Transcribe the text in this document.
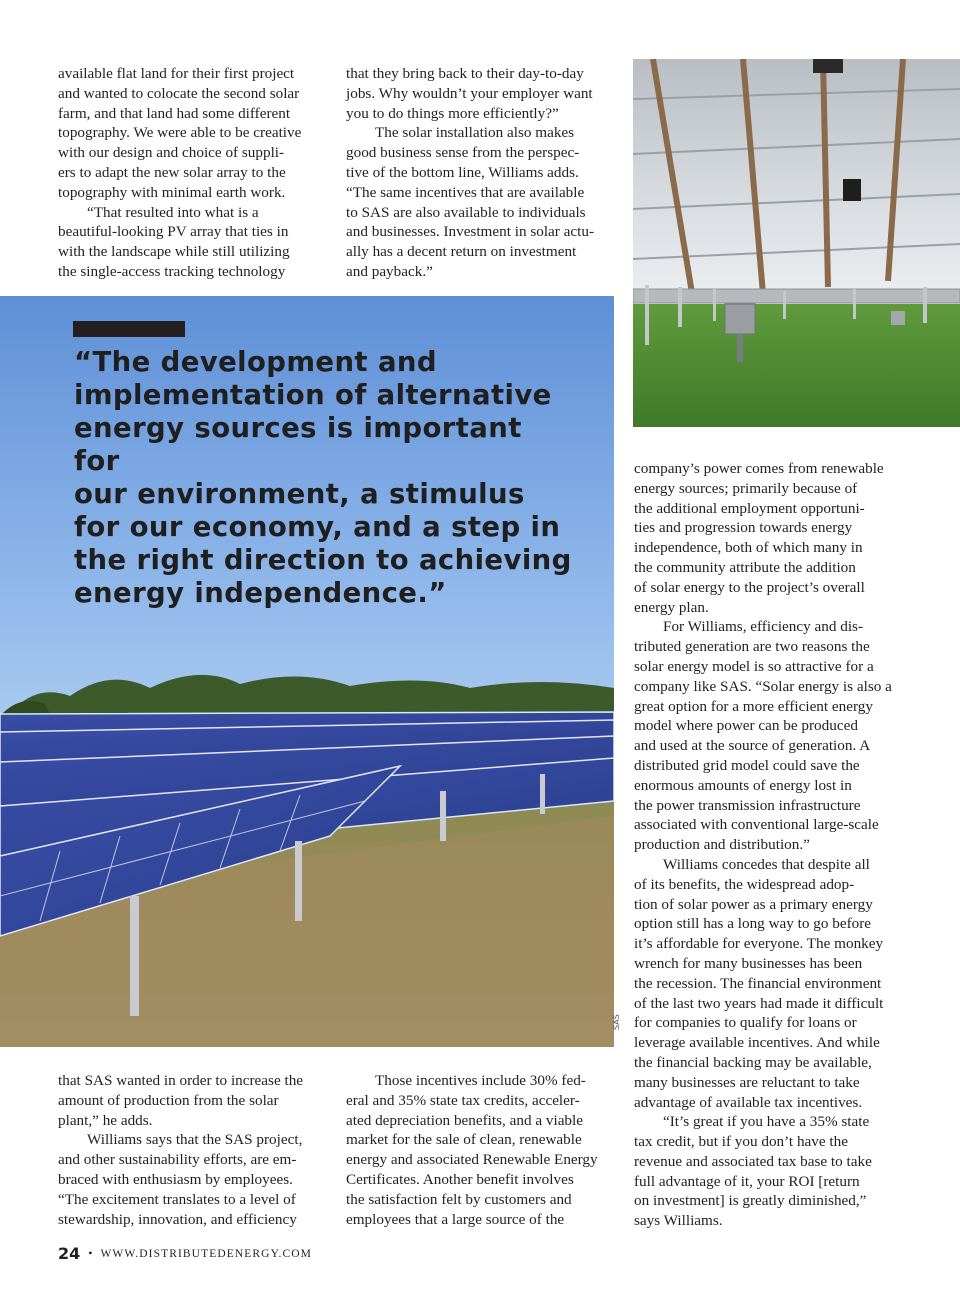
available flat land for their first project
and wanted to colocate the second solar
farm, and that land had some different
topography. We were able to be creative
with our design and choice of suppli-
ers to adapt the new solar array to the
topography with minimal earth work.

“That resulted into what is a
beautiful-looking PV array that ties in
with the landscape while still utilizing
the single-access tracking technology

that they bring back to their day-to-day
jobs. Why wouldn’t your employer want
you to do things more efficiently?”

The solar installation also makes
good business sense from the perspec-
tive of the bottom line, Williams adds.
“The same incentives that are available
to SAS are also available to individuals
and businesses. Investment in solar actu-
ally has a decent return on investment
and payback.”

“The development and
implementation of alternative
energy sources is important for
our environment, a stimulus
for our economy, and a step in
the right direction to achieving
energy independence.”

SAS

that SAS wanted in order to increase the
amount of production from the solar
plant,” he adds.

Williams says that the SAS project,
and other sustainability efforts, are em-
braced with enthusiasm by employees.
“The excitement translates to a level of
stewardship, innovation, and efficiency

Those incentives include 30% fed-
eral and 35% state tax credits, acceler-
ated depreciation benefits, and a viable
market for the sale of clean, renewable
energy and associated Renewable Energy
Certificates. Another benefit involves
the satisfaction felt by customers and
employees that a large source of the

company’s power comes from renewable
energy sources; primarily because of
the additional employment opportuni-
ties and progression towards energy
independence, both of which many in
the community attribute the addition
of solar energy to the project’s overall
energy plan.

For Williams, efficiency and dis-
tributed generation are two reasons the
solar energy model is so attractive for a
company like SAS. “Solar energy is also a
great option for a more efficient energy
model where power can be produced
and used at the source of generation. A
distributed grid model could save the
enormous amounts of energy lost in
the power transmission infrastructure
associated with conventional large-scale
production and distribution.”

Williams concedes that despite all
of its benefits, the widespread adop-
tion of solar power as a primary energy
option still has a long way to go before
it’s affordable for everyone. The monkey
wrench for many businesses has been
the recession. The financial environment
of the last two years had made it difficult
for companies to qualify for loans or
leverage available incentives. And while
the financial backing may be available,
many businesses are reluctant to take
advantage of available tax incentives.

“It’s great if you have a 35% state
tax credit, but if you don’t have the
revenue and associated tax base to take
full advantage of it, your ROI [return
on investment] is greatly diminished,”
says Williams.

24 • WWW.DISTRIBUTEDENERGY.COM
